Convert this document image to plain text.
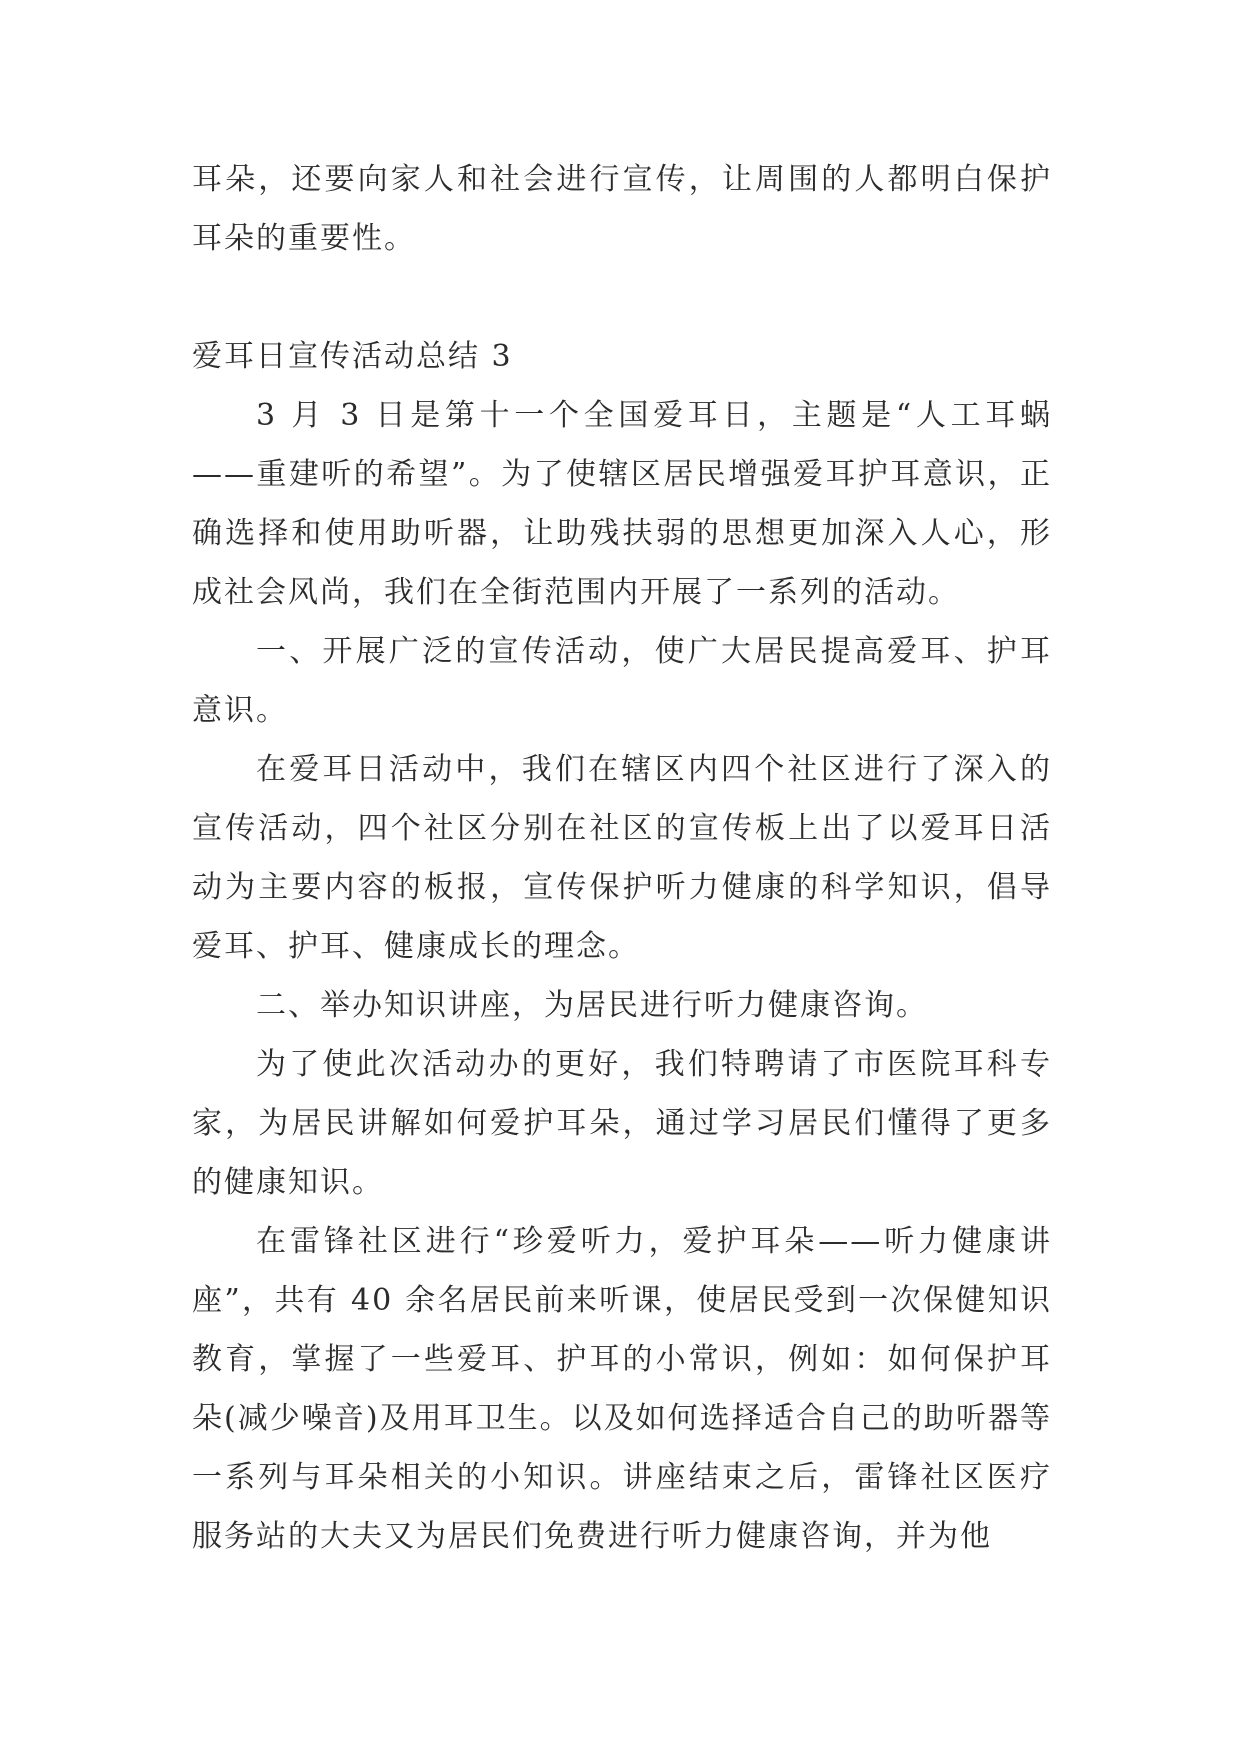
耳朵，还要向家人和社会进行宣传，让周围的人都明白保护耳朵的重要性。

爱耳日宣传活动总结 3

3 月 3 日是第十一个全国爱耳日，主题是“人工耳蜗——重建听的希望”。为了使辖区居民增强爱耳护耳意识，正确选择和使用助听器，让助残扶弱的思想更加深入人心，形成社会风尚，我们在全街范围内开展了一系列的活动。

一、开展广泛的宣传活动，使广大居民提高爱耳、护耳意识。

在爱耳日活动中，我们在辖区内四个社区进行了深入的宣传活动，四个社区分别在社区的宣传板上出了以爱耳日活动为主要内容的板报，宣传保护听力健康的科学知识，倡导爱耳、护耳、健康成长的理念。

二、举办知识讲座，为居民进行听力健康咨询。

为了使此次活动办的更好，我们特聘请了市医院耳科专家，为居民讲解如何爱护耳朵，通过学习居民们懂得了更多的健康知识。

在雷锋社区进行“珍爱听力，爱护耳朵——听力健康讲座”，共有 40 余名居民前来听课，使居民受到一次保健知识教育，掌握了一些爱耳、护耳的小常识，例如：如何保护耳朵(减少噪音)及用耳卫生。以及如何选择适合自己的助听器等一系列与耳朵相关的小知识。讲座结束之后，雷锋社区医疗服务站的大夫又为居民们免费进行听力健康咨询，并为他
